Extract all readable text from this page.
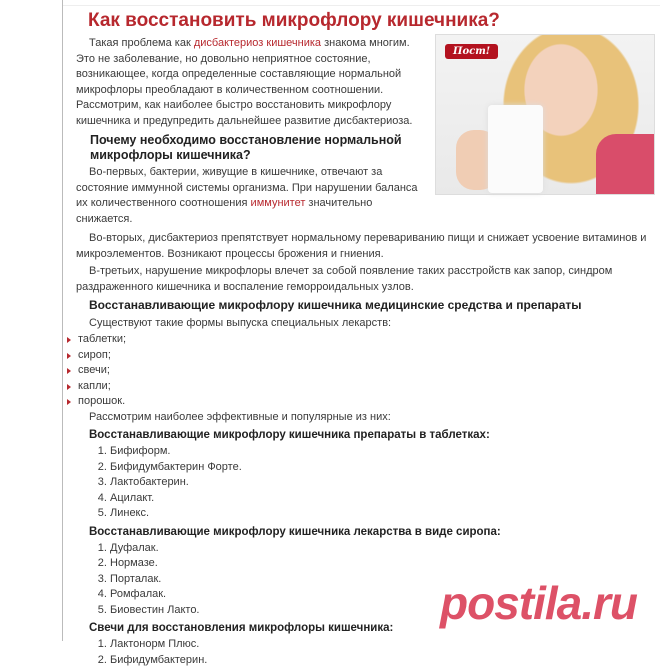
Как восстановить микрофлору кишечника?
Пост!

Такая проблема как дисбактериоз кишечника знакома многим. Это не заболевание, но довольно неприятное состояние, возникающее, когда определенные составляющие нормальной микрофлоры преобладают в количественном соотношении. Рассмотрим, как наиболее быстро восстановить микрофлору кишечника и предупредить дальнейшее развитие дисбактериоза.

Почему необходимо восстановление нормальной микрофлоры кишечника?

Во-первых, бактерии, живущие в кишечнике, отвечают за состояние иммунной системы организма. При нарушении баланса их количественного соотношения иммунитет значительно снижается.

Во-вторых, дисбактериоз препятствует нормальному перевариванию пищи и снижает усвоение витаминов и микроэлементов. Возникают процессы брожения и гниения.

В-третьих, нарушение микрофлоры влечет за собой появление таких расстройств как запор, синдром раздраженного кишечника и воспаление геморроидальных узлов.

Восстанавливающие микрофлору кишечника медицинские средства и препараты

Существуют такие формы выпуска специальных лекарств:

таблетки;
сироп;
свечи;
капли;
порошок.

Рассмотрим наиболее эффективные и популярные из них:

Восстанавливающие микрофлору кишечника препараты в таблетках:
1. Бифиформ.
2. Бифидумбактерин Форте.
3. Лактобактерин.
4. Ацилакт.
5. Линекс.
Восстанавливающие микрофлору кишечника лекарства в виде сиропа:
1. Дуфалак.
2. Нормазе.
3. Порталак.
4. Ромфалак.
5. Биовестин Лакто.
Свечи для восстановления микрофлоры кишечника:
1. Лактонорм Плюс.
2. Бифидумбактерин.
postila.ru
